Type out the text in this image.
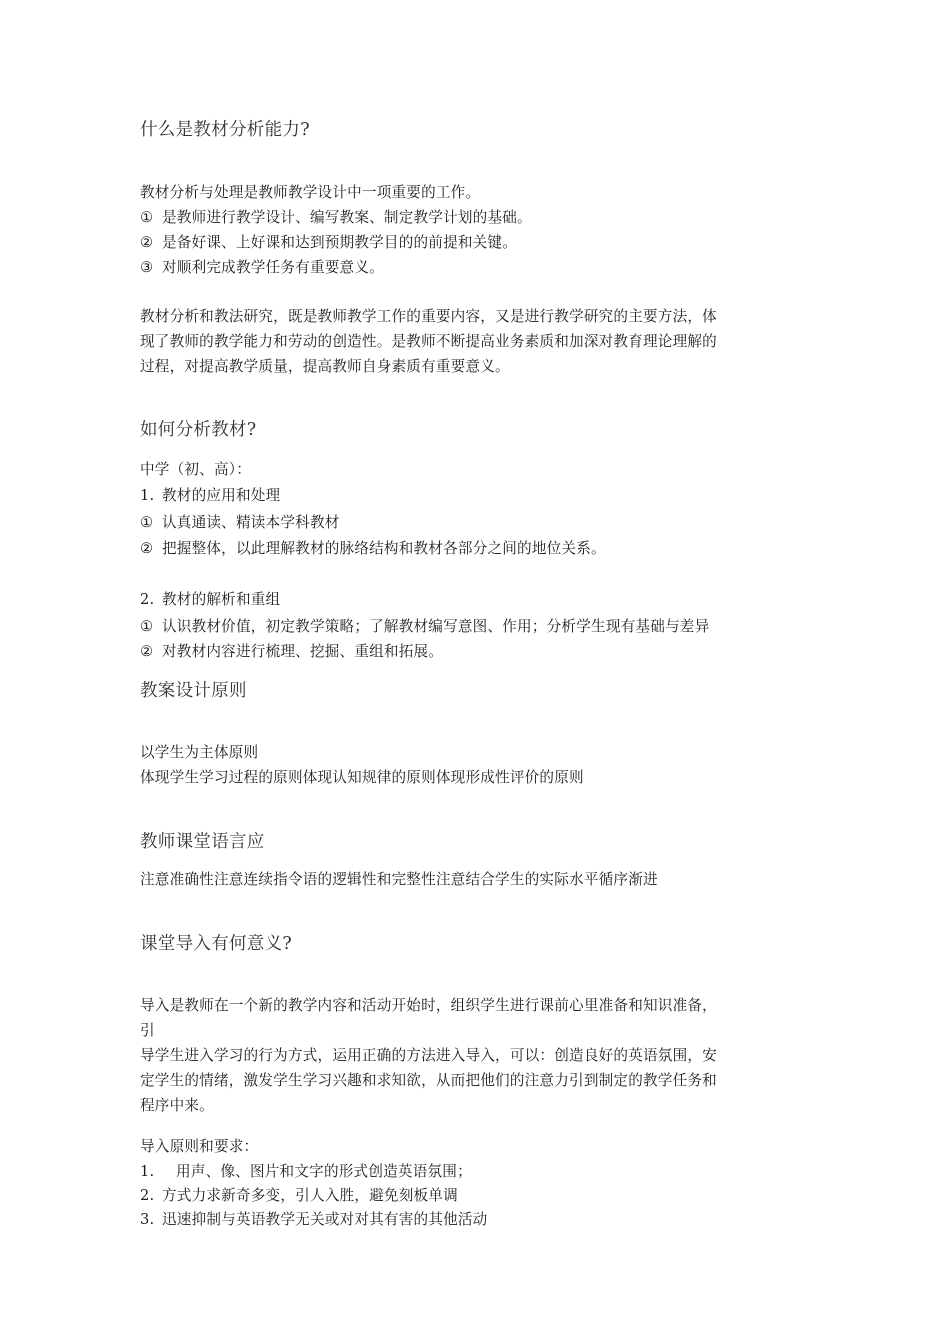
什么是教材分析能力?
教材分析与处理是教师教学设计中一项重要的工作。
① 是教师进行教学设计、编写教案、制定教学计划的基础。
② 是备好课、上好课和达到预期教学目的的前提和关键。
③ 对顺利完成教学任务有重要意义。
教材分析和教法研究，既是教师教学工作的重要内容，又是进行教学研究的主要方法，体
现了教师的教学能力和劳动的创造性。是教师不断提高业务素质和加深对教育理论理解的
过程，对提高教学质量，提高教师自身素质有重要意义。
如何分析教材?
中学（初、高）：
1. 教材的应用和处理
① 认真通读、精读本学科教材
② 把握整体，以此理解教材的脉络结构和教材各部分之间的地位关系。
2. 教材的解析和重组
① 认识教材价值，初定教学策略；了解教材编写意图、作用；分析学生现有基础与差异
② 对教材内容进行梳理、挖掘、重组和拓展。
教案设计原则
以学生为主体原则
体现学生学习过程的原则体现认知规律的原则体现形成性评价的原则
教师课堂语言应
注意准确性注意连续指令语的逻辑性和完整性注意结合学生的实际水平循序渐进
课堂导入有何意义?
导入是教师在一个新的教学内容和活动开始时，组织学生进行课前心里准备和知识准备，
引
导学生进入学习的行为方式，运用正确的方法进入导入，可以：创造良好的英语氛围，安
定学生的情绪，激发学生学习兴趣和求知欲，从而把他们的注意力引到制定的教学任务和
程序中来。
导入原则和要求：
1. 用声、像、图片和文字的形式创造英语氛围；
2. 方式力求新奇多变，引人入胜，避免刻板单调
3. 迅速抑制与英语教学无关或对对其有害的其他活动
